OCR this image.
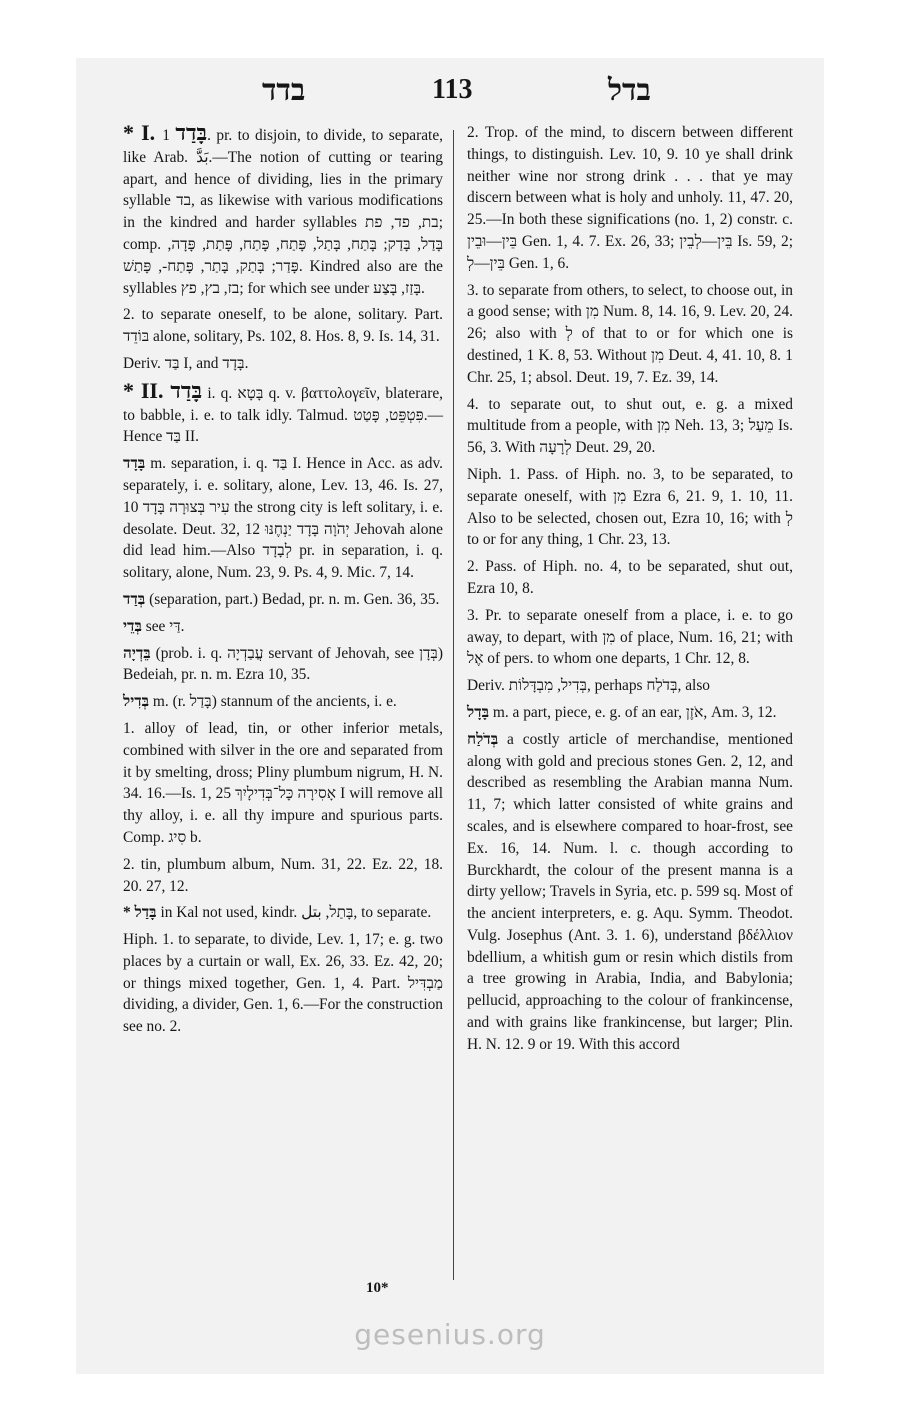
בדד	113	בדל

* I. בָּדַד 1. pr. to disjoin, to divide, to separate, like Arab. بَدَّ.—The notion of cutting or tearing apart, and hence of dividing, lies in the primary syllable בד, as likewise with various modifications in the kindred and harder syllables בת, פד, פת; comp. בָּדַל, בָּדַק; בָּתַח, בָּתַל, פָּתַח, פָּתַח, פָּתַת, פָּדָה, פָּדַר; בָּתַק, בָּתַר, פָּתַח-, פָּתַשׁ. Kindred also are the syllables בז, בץ, פץ; for which see under בָּזַז, בָּצַע.

2. to separate oneself, to be alone, solitary. Part. בּוֹדֵד alone, solitary, Ps. 102, 8. Hos. 8, 9. Is. 14, 31.

Deriv. בַּד I, and בָּדָד.

* II. בָּדַד i. q. בָּטָא q. v. βαττολογεῖν, blaterare, to babble, i. e. to talk idly. Talmud. פִּטְפֵּט, פָּטַט.—Hence בַּד II.

בָּדָד m. separation, i. q. בַּד I. Hence in Acc. as adv. separately, i. e. solitary, alone, Lev. 13, 46. Is. 27, 10 עִיר בְּצוּרָה בָּדָד the strong city is left solitary, i. e. desolate. Deut. 32, 12 יְהֹוָה בָּדָד יַנְחֶנּוּ Jehovah alone did lead him.—Also לְבָדָד pr. in separation, i. q. solitary, alone, Num. 23, 9. Ps. 4, 9. Mic. 7, 14.

בְּדַד (separation, part.) Bedad, pr. n. m. Gen. 36, 35.

בְּדֵי see דַּי.

בֵּדְיָה (prob. i. q. עֲבַדְיָה servant of Jehovah, see בְּדָן) Bedeiah, pr. n. m. Ezra 10, 35.

בְּדִיל m. (r. בָּדַל) stannum of the ancients, i. e.

1. alloy of lead, tin, or other inferior metals, combined with silver in the ore and separated from it by smelting, dross; Pliny plumbum nigrum, H. N. 34. 16.—Is. 1, 25 אָסִירָה כָּל־בְּדִילָיִךְ I will remove all thy alloy, i. e. all thy impure and spurious parts. Comp. סִיג b.

2. tin, plumbum album, Num. 31, 22. Ez. 22, 18. 20. 27, 12.

* בָּדַל in Kal not used, kindr. בָּתַל, بتل, to separate.

Hiph. 1. to separate, to divide, Lev. 1, 17; e. g. two places by a curtain or wall, Ex. 26, 33. Ez. 42, 20; or things mixed together, Gen. 1, 4. Part. מַבְדִּיל dividing, a divider, Gen. 1, 6.—For the construction see no. 2.

2. Trop. of the mind, to discern between different things, to distinguish. Lev. 10, 9. 10 ye shall drink neither wine nor strong drink . . . that ye may discern between what is holy and unholy. 11, 47. 20, 25.—In both these significations (no. 1, 2) constr. c. בֵּין—וּבֵין Gen. 1, 4. 7. Ex. 26, 33; בֵּין—לְבֵין Is. 59, 2; בֵּין—לְ Gen. 1, 6.

3. to separate from others, to select, to choose out, in a good sense; with מִן Num. 8, 14. 16, 9. Lev. 20, 24. 26; also with לְ of that to or for which one is destined, 1 K. 8, 53. Without מִן Deut. 4, 41. 10, 8. 1 Chr. 25, 1; absol. Deut. 19, 7. Ez. 39, 14.

4. to separate out, to shut out, e. g. a mixed multitude from a people, with מִן Neh. 13, 3; מֵעַל Is. 56, 3. With לְרָעָה Deut. 29, 20.

Niph. 1. Pass. of Hiph. no. 3, to be separated, to separate oneself, with מִן Ezra 6, 21. 9, 1. 10, 11. Also to be selected, chosen out, Ezra 10, 16; with לְ to or for any thing, 1 Chr. 23, 13.

2. Pass. of Hiph. no. 4, to be separated, shut out, Ezra 10, 8.

3. Pr. to separate oneself from a place, i. e. to go away, to depart, with מִן of place, Num. 16, 21; with אֶל of pers. to whom one departs, 1 Chr. 12, 8.

Deriv. בְּדִיל, מִבְדָּלוֹת, perhaps בְּדֹלַח, also

בָּדָל m. a part, piece, e. g. of an ear, אֹזֶן, Am. 3, 12.

בְּדֹלַח a costly article of merchandise, mentioned along with gold and precious stones Gen. 2, 12, and described as resembling the Arabian manna Num. 11, 7; which latter consisted of white grains and scales, and is elsewhere compared to hoar-frost, see Ex. 16, 14. Num. l. c. though according to Burckhardt, the colour of the present manna is a dirty yellow; Travels in Syria, etc. p. 599 sq. Most of the ancient interpreters, e. g. Aqu. Symm. Theodot. Vulg. Josephus (Ant. 3. 1. 6), understand βδέλλιον bdellium, a whitish gum or resin which distils from a tree growing in Arabia, India, and Babylonia; pellucid, approaching to the colour of frankincense, and with grains like frankincense, but larger; Plin. H. N. 12. 9 or 19. With this accord

10*
gesenius.org
